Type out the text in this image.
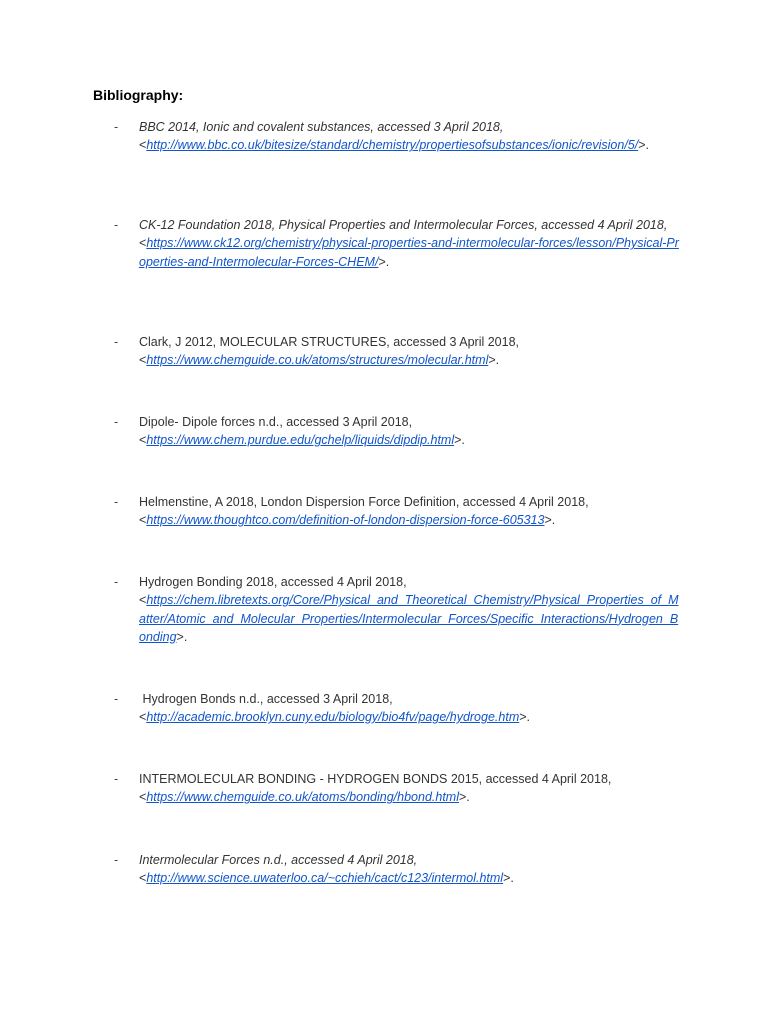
Bibliography:
-	BBC 2014, Ionic and covalent substances, accessed 3 April 2018,
<http://www.bbc.co.uk/bitesize/standard/chemistry/propertiesofsubstances/ionic/revision/5/>.
-	CK-12 Foundation 2018, Physical Properties and Intermolecular Forces, accessed 4 April 2018,
<https://www.ck12.org/chemistry/physical-properties-and-intermolecular-forces/lesson/Physical-Properties-and-Intermolecular-Forces-CHEM/>.
-	Clark, J 2012, MOLECULAR STRUCTURES, accessed 3 April 2018,
<https://www.chemguide.co.uk/atoms/structures/molecular.html>.
-	Dipole- Dipole forces n.d., accessed 3 April 2018,
<https://www.chem.purdue.edu/gchelp/liquids/dipdip.html>.
-	Helmenstine, A 2018, London Dispersion Force Definition, accessed 4 April 2018,
<https://www.thoughtco.com/definition-of-london-dispersion-force-605313>.
-	Hydrogen Bonding 2018, accessed 4 April 2018,
<https://chem.libretexts.org/Core/Physical_and_Theoretical_Chemistry/Physical_Properties_of_Matter/Atomic_and_Molecular_Properties/Intermolecular_Forces/Specific_Interactions/Hydrogen_Bonding>.
-	Hydrogen Bonds n.d., accessed 3 April 2018,
<http://academic.brooklyn.cuny.edu/biology/bio4fv/page/hydroge.htm>.
-	INTERMOLECULAR BONDING - HYDROGEN BONDS 2015, accessed 4 April 2018, <https://www.chemguide.co.uk/atoms/bonding/hbond.html>.
-	Intermolecular Forces n.d., accessed 4 April 2018,
<http://www.science.uwaterloo.ca/~cchieh/cact/c123/intermol.html>.
